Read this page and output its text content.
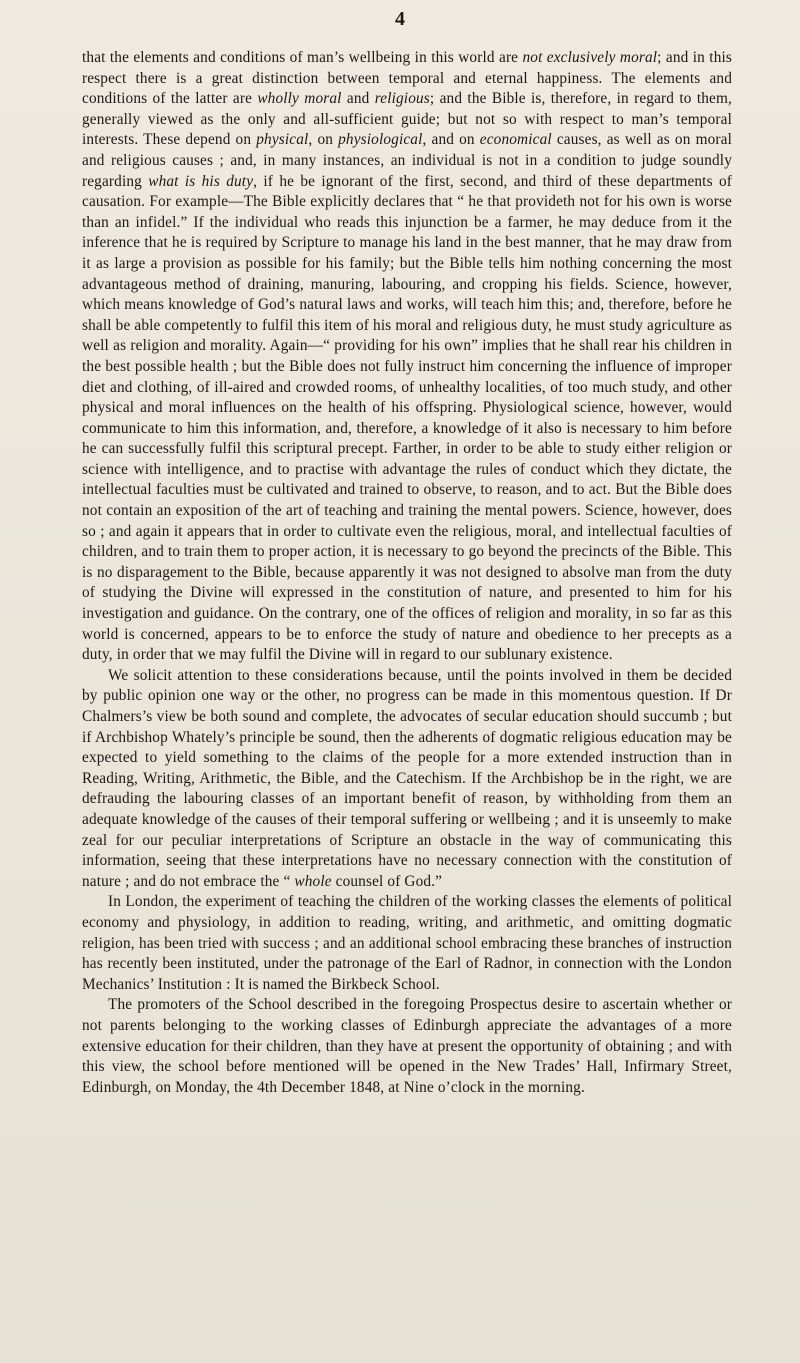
4

that the elements and conditions of man’s wellbeing in this world are not exclusively moral; and in this respect there is a great distinction between temporal and eternal happiness. The elements and conditions of the latter are wholly moral and religious; and the Bible is, therefore, in regard to them, generally viewed as the only and all-sufficient guide; but not so with respect to man’s temporal interests. These depend on physical, on physiological, and on economical causes, as well as on moral and religious causes ; and, in many instances, an individual is not in a condition to judge soundly regarding what is his duty, if he be ignorant of the first, second, and third of these departments of causation. For example—The Bible explicitly declares that “ he that provideth not for his own is worse than an infidel.” If the individual who reads this injunction be a farmer, he may deduce from it the inference that he is required by Scripture to manage his land in the best manner, that he may draw from it as large a provision as possible for his family; but the Bible tells him nothing concerning the most advantageous method of draining, manuring, labouring, and cropping his fields. Science, however, which means knowledge of God’s natural laws and works, will teach him this; and, therefore, before he shall be able competently to fulfil this item of his moral and religious duty, he must study agriculture as well as religion and morality. Again—“ providing for his own” implies that he shall rear his children in the best possible health ; but the Bible does not fully instruct him concerning the influence of improper diet and clothing, of ill-aired and crowded rooms, of unhealthy localities, of too much study, and other physical and moral influences on the health of his offspring. Physiological science, however, would communicate to him this information, and, therefore, a knowledge of it also is necessary to him before he can successfully fulfil this scriptural precept. Farther, in order to be able to study either religion or science with intelligence, and to practise with advantage the rules of conduct which they dictate, the intellectual faculties must be cultivated and trained to observe, to reason, and to act. But the Bible does not contain an exposition of the art of teaching and training the mental powers. Science, however, does so ; and again it appears that in order to cultivate even the religious, moral, and intellectual faculties of children, and to train them to proper action, it is necessary to go beyond the precincts of the Bible. This is no disparagement to the Bible, because apparently it was not designed to absolve man from the duty of studying the Divine will expressed in the constitution of nature, and presented to him for his investigation and guidance. On the contrary, one of the offices of religion and morality, in so far as this world is concerned, appears to be to enforce the study of nature and obedience to her precepts as a duty, in order that we may fulfil the Divine will in regard to our sublunary existence.

We solicit attention to these considerations because, until the points involved in them be decided by public opinion one way or the other, no progress can be made in this momentous question. If Dr Chalmers’s view be both sound and complete, the advocates of secular education should succumb ; but if Archbishop Whately’s principle be sound, then the adherents of dogmatic religious education may be expected to yield something to the claims of the people for a more extended instruction than in Reading, Writing, Arithmetic, the Bible, and the Catechism. If the Archbishop be in the right, we are defrauding the labouring classes of an important benefit of reason, by withholding from them an adequate knowledge of the causes of their temporal suffering or wellbeing ; and it is unseemly to make zeal for our peculiar interpretations of Scripture an obstacle in the way of communicating this information, seeing that these interpretations have no necessary connection with the constitution of nature ; and do not embrace the “ whole counsel of God.”

In London, the experiment of teaching the children of the working classes the elements of political economy and physiology, in addition to reading, writing, and arithmetic, and omitting dogmatic religion, has been tried with success ; and an additional school embracing these branches of instruction has recently been instituted, under the patronage of the Earl of Radnor, in connection with the London Mechanics’ Institution : It is named the Birkbeck School.

The promoters of the School described in the foregoing Prospectus desire to ascertain whether or not parents belonging to the working classes of Edinburgh appreciate the advantages of a more extensive education for their children, than they have at present the opportunity of obtaining ; and with this view, the school before mentioned will be opened in the New Trades’ Hall, Infirmary Street, Edinburgh, on Monday, the 4th December 1848, at Nine o’clock in the morning.
